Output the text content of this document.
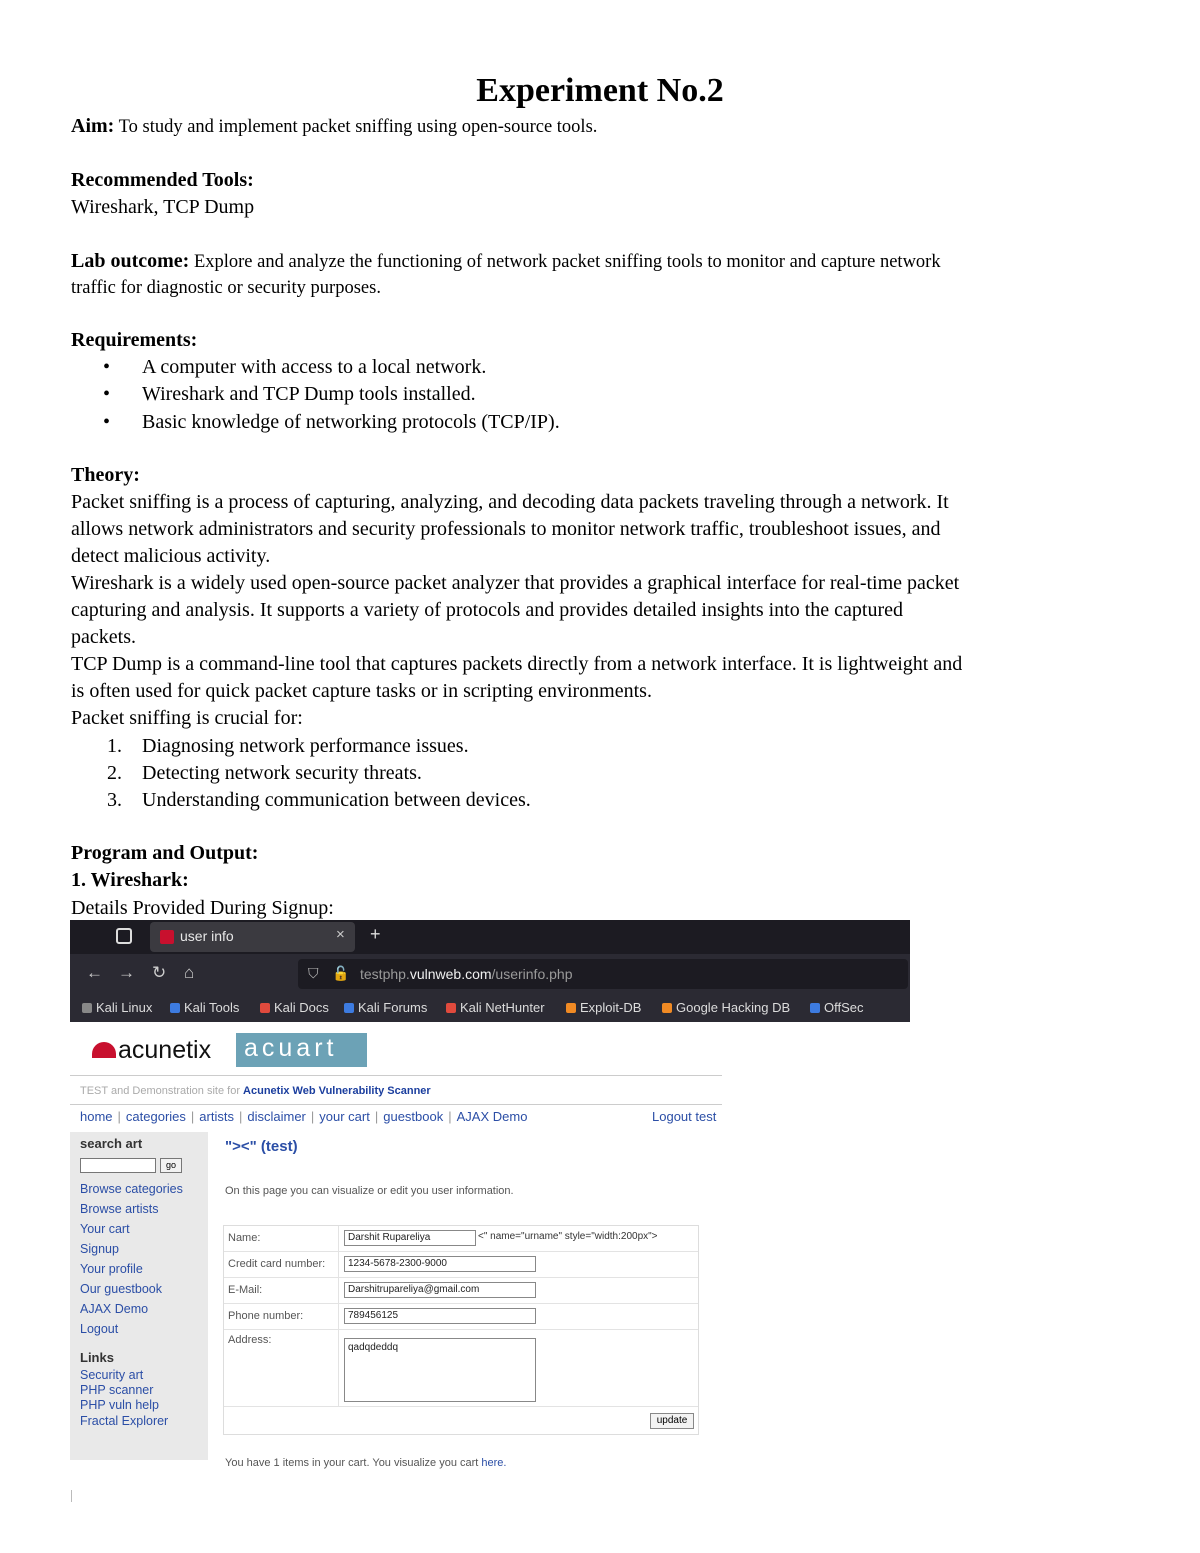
Experiment No.2
Aim: To study and implement packet sniffing using open-source tools.
Recommended Tools:
Wireshark, TCP Dump
Lab outcome: Explore and analyze the functioning of network packet sniffing tools to monitor and capture network
traffic for diagnostic or security purposes.
Requirements:
• A computer with access to a local network.
• Wireshark and TCP Dump tools installed.
• Basic knowledge of networking protocols (TCP/IP).
Theory:
Packet sniffing is a process of capturing, analyzing, and decoding data packets traveling through a network. It
allows network administrators and security professionals to monitor network traffic, troubleshoot issues, and
detect malicious activity.
Wireshark is a widely used open-source packet analyzer that provides a graphical interface for real-time packet
capturing and analysis. It supports a variety of protocols and provides detailed insights into the captured
packets.
TCP Dump is a command-line tool that captures packets directly from a network interface. It is lightweight and
is often used for quick packet capture tasks or in scripting environments.
Packet sniffing is crucial for:
1. Diagnosing network performance issues.
2. Detecting network security threats.
3. Understanding communication between devices.
Program and Output:
1. Wireshark:
Details Provided During Signup:
user info	× +
← → ↻ ⌂	⛉ 🔓 testphp.vulnweb.com/userinfo.php
Kali Linux	Kali Tools	Kali Docs	Kali Forums	Kali NetHunter	Exploit-DB	Google Hacking DB	OffSec
acunetix acuart
TEST and Demonstration site for Acunetix Web Vulnerability Scanner
home | categories | artists | disclaimer | your cart | guestbook | AJAX Demo	Logout test
search art
go
Browse categories
Browse artists
Your cart
Signup
Your profile
Our guestbook
AJAX Demo
Logout
Links
Security art
PHP scanner
PHP vuln help
Fractal Explorer
"><" (test)
On this page you can visualize or edit you user information.
Name:	Darshit Rupareliya	<" name="urname" style="width:200px">
Credit card number:	1234-5678-2300-9000
E-Mail:	Darshitrupareliya@gmail.com
Phone number:	789456125
Address:
qadqdeddq
update
You have 1 items in your cart. You visualize you cart here.
